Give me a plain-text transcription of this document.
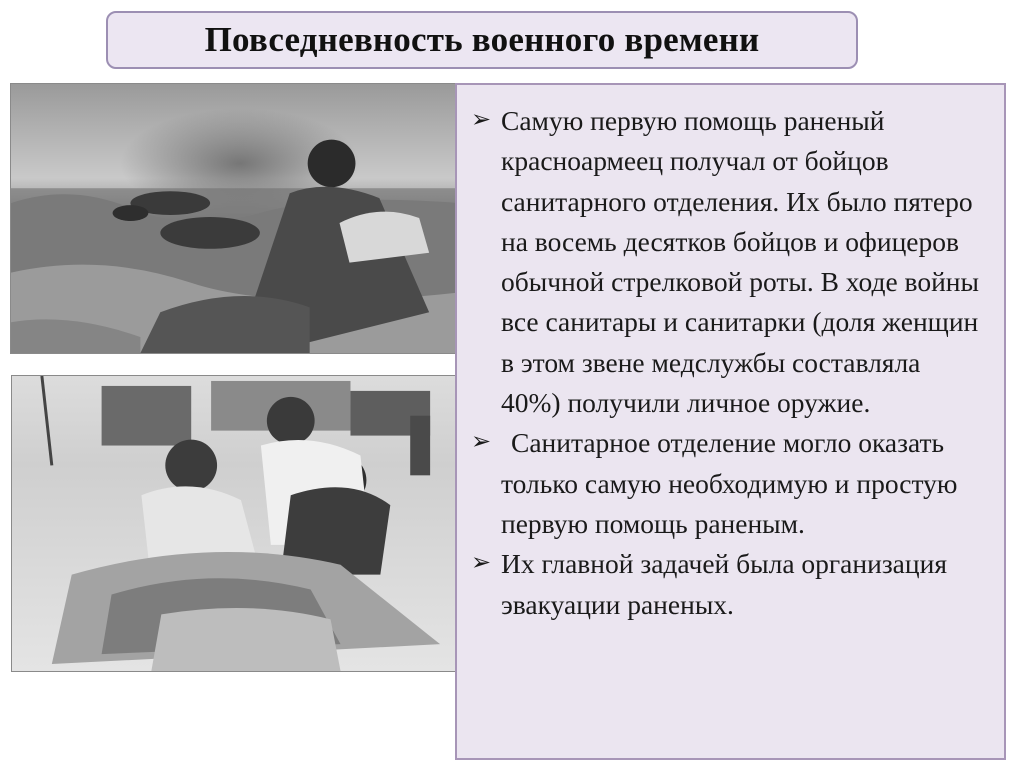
Повседневность военного времени
➢ Самую первую помощь раненый красноармеец получал от бойцов санитарного отделения. Их было пятеро на восемь десятков бойцов и офицеров обычной стрелковой роты. В ходе войны все санитары и санитарки (доля женщин в этом звене медслужбы составляла 40%) получили личное оружие.
➢ Санитарное отделение могло оказать только самую необходимую и простую первую помощь раненым.
➢ Их главной задачей была организация эвакуации раненых.
